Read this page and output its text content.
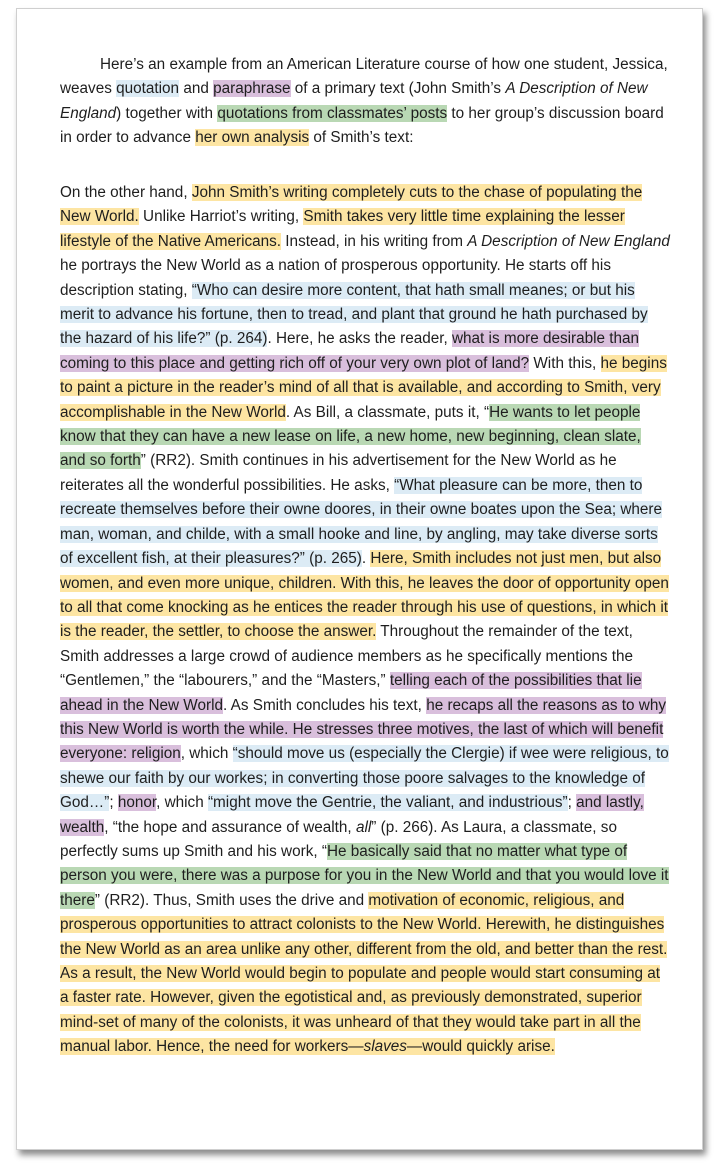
Here’s an example from an American Literature course of how one student, Jessica, weaves quotation and paraphrase of a primary text (John Smith’s A Description of New England) together with quotations from classmates’ posts to her group’s discussion board in order to advance her own analysis of Smith’s text:

On the other hand, John Smith’s writing completely cuts to the chase of populating the New World. Unlike Harriot’s writing, Smith takes very little time explaining the lesser lifestyle of the Native Americans. Instead, in his writing from A Description of New England he portrays the New World as a nation of prosperous opportunity. He starts off his description stating, “Who can desire more content, that hath small meanes; or but his merit to advance his fortune, then to tread, and plant that ground he hath purchased by the hazard of his life?” (p. 264). Here, he asks the reader, what is more desirable than coming to this place and getting rich off of your very own plot of land? With this, he begins to paint a picture in the reader’s mind of all that is available, and according to Smith, very accomplishable in the New World. As Bill, a classmate, puts it, “He wants to let people know that they can have a new lease on life, a new home, new beginning, clean slate, and so forth” (RR2). Smith continues in his advertisement for the New World as he reiterates all the wonderful possibilities. He asks, “What pleasure can be more, then to recreate themselves before their owne doores, in their owne boates upon the Sea; where man, woman, and childe, with a small hooke and line, by angling, may take diverse sorts of excellent fish, at their pleasures?” (p. 265). Here, Smith includes not just men, but also women, and even more unique, children. With this, he leaves the door of opportunity open to all that come knocking as he entices the reader through his use of questions, in which it is the reader, the settler, to choose the answer. Throughout the remainder of the text, Smith addresses a large crowd of audience members as he specifically mentions the “Gentlemen,” the “labourers,” and the “Masters,” telling each of the possibilities that lie ahead in the New World. As Smith concludes his text, he recaps all the reasons as to why this New World is worth the while. He stresses three motives, the last of which will benefit everyone: religion, which “should move us (especially the Clergie) if wee were religious, to shewe our faith by our workes; in converting those poore salvages to the knowledge of God…”; honor, which “might move the Gentrie, the valiant, and industrious”; and lastly, wealth, “the hope and assurance of wealth, all” (p. 266). As Laura, a classmate, so perfectly sums up Smith and his work, “He basically said that no matter what type of person you were, there was a purpose for you in the New World and that you would love it there” (RR2). Thus, Smith uses the drive and motivation of economic, religious, and prosperous opportunities to attract colonists to the New World. Herewith, he distinguishes the New World as an area unlike any other, different from the old, and better than the rest. As a result, the New World would begin to populate and people would start consuming at a faster rate. However, given the egotistical and, as previously demonstrated, superior mind-set of many of the colonists, it was unheard of that they would take part in all the manual labor. Hence, the need for workers—slaves—would quickly arise.
